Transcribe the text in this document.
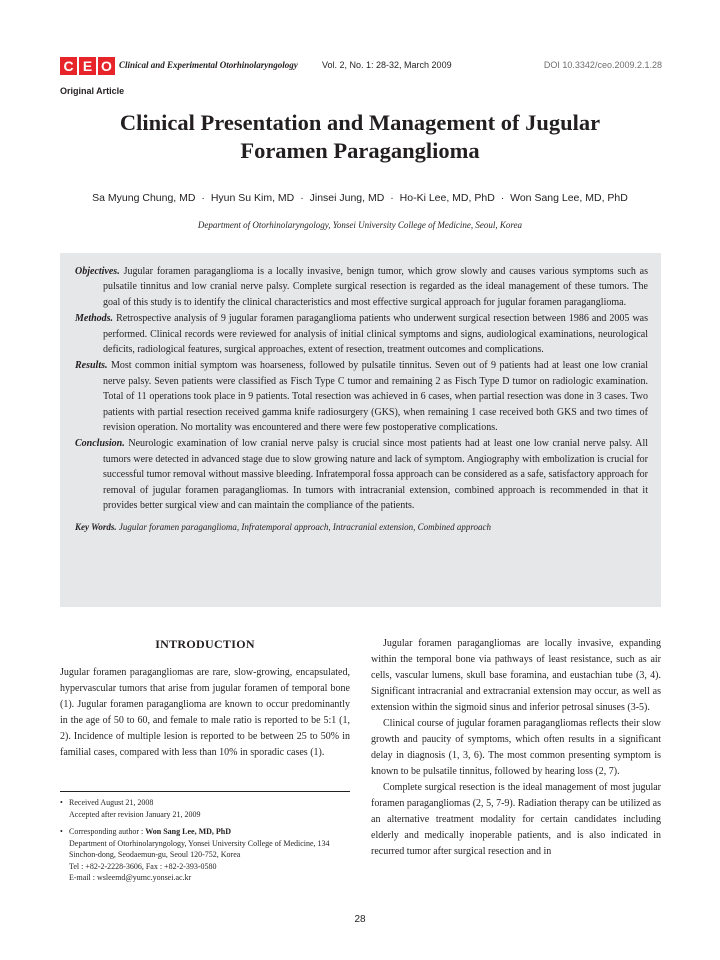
C E O Clinical and Experimental Otorhinolaryngology	Vol. 2, No. 1: 28-32, March 2009	DOI 10.3342/ceo.2009.2.1.28
Original Article
Clinical Presentation and Management of Jugular
Foramen Paraganglioma
Sa Myung Chung, MD · Hyun Su Kim, MD · Jinsei Jung, MD · Ho-Ki Lee, MD, PhD · Won Sang Lee, MD, PhD
Department of Otorhinolaryngology, Yonsei University College of Medicine, Seoul, Korea

Objectives. Jugular foramen paraganglioma is a locally invasive, benign tumor, which grow slowly and causes various symptoms such as pulsatile tinnitus and low cranial nerve palsy. Complete surgical resection is regarded as the ideal management of these tumors. The goal of this study is to identify the clinical characteristics and most effective surgical approach for jugular foramen paraganglioma.

Methods. Retrospective analysis of 9 jugular foramen paraganglioma patients who underwent surgical resection between 1986 and 2005 was performed. Clinical records were reviewed for analysis of initial clinical symptoms and signs, audiological examinations, neurological deficits, radiological features, surgical approaches, extent of resection, treatment outcomes and complications.

Results. Most common initial symptom was hoarseness, followed by pulsatile tinnitus. Seven out of 9 patients had at least one low cranial nerve palsy. Seven patients were classified as Fisch Type C tumor and remaining 2 as Fisch Type D tumor on radiologic examination. Total of 11 operations took place in 9 patients. Total resection was achieved in 6 cases, when partial resection was done in 3 cases. Two patients with partial resection received gamma knife radiosurgery (GKS), when remaining 1 case received both GKS and two times of revision operation. No mortality was encountered and there were few postoperative complications.

Conclusion. Neurologic examination of low cranial nerve palsy is crucial since most patients had at least one low cranial nerve palsy. All tumors were detected in advanced stage due to slow growing nature and lack of symptom. Angiography with embolization is crucial for successful tumor removal without massive bleeding. Infratemporal fossa approach can be considered as a safe, satisfactory approach for removal of jugular foramen paragangliomas. In tumors with intracranial extension, combined approach is recommended in that it provides better surgical view and can maintain the compliance of the patients.

Key Words. Jugular foramen paraganglioma, Infratemporal approach, Intracranial extension, Combined approach

INTRODUCTION

Jugular foramen paragangliomas are rare, slow-growing, encapsulated, hypervascular tumors that arise from jugular foramen of temporal bone (1). Jugular foramen paraganglioma are known to occur predominantly in the age of 50 to 60, and female to male ratio is reported to be 5:1 (1, 2). Incidence of multiple lesion is reported to be between 25 to 50% in familial cases, compared with less than 10% in sporadic cases (1).

• Received August 21, 2008
Accepted after revision January 21, 2009
• Corresponding author : Won Sang Lee, MD, PhD
Department of Otorhinolaryngology, Yonsei University College of Medicine, 134 Sinchon-dong, Seodaemun-gu, Seoul 120-752, Korea
Tel : +82-2-2228-3606, Fax : +82-2-393-0580
E-mail : wsleemd@yumc.yonsei.ac.kr

Jugular foramen paragangliomas are locally invasive, expanding within the temporal bone via pathways of least resistance, such as air cells, vascular lumens, skull base foramina, and eustachian tube (3, 4). Significant intracranial and extracranial extension may occur, as well as extension within the sigmoid sinus and inferior petrosal sinuses (3-5).

Clinical course of jugular foramen paragangliomas reflects their slow growth and paucity of symptoms, which often results in a significant delay in diagnosis (1, 3, 6). The most common presenting symptom is known to be pulsatile tinnitus, followed by hearing loss (2, 7).

Complete surgical resection is the ideal management of most jugular foramen paragangliomas (2, 5, 7-9). Radiation therapy can be utilized as an alternative treatment modality for certain candidates including elderly and medically inoperable patients, and is also indicated in recurred tumor after surgical resection and in

28
